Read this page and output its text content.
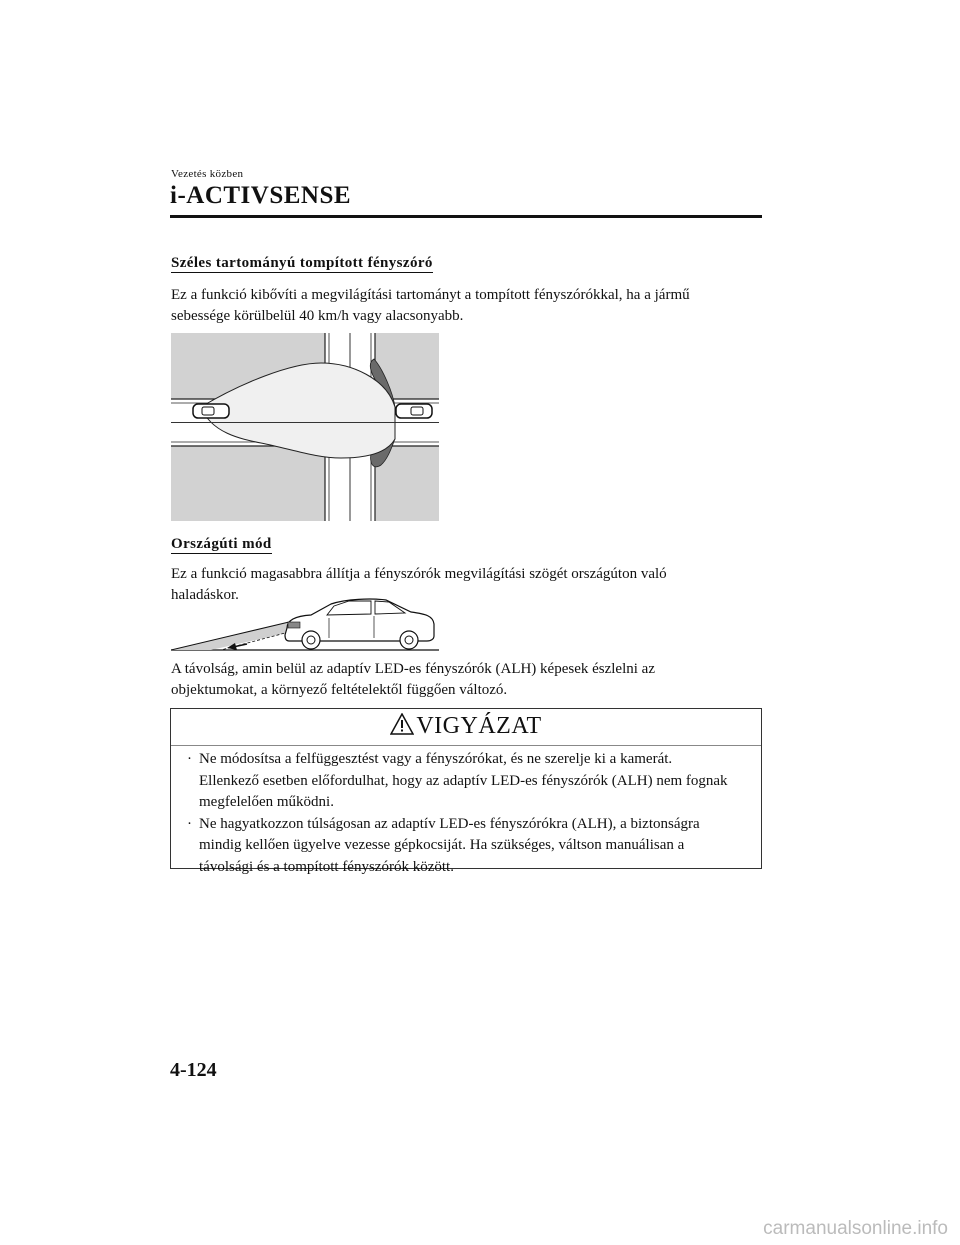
Vezetés közben
i-ACTIVSENSE
Széles tartományú tompított fényszóró
Ez a funkció kibővíti a megvilágítási tartományt a tompított fényszórókkal, ha a jármű
sebessége körülbelül 40 km/h vagy alacsonyabb.
Országúti mód
Ez a funkció magasabbra állítja a fényszórók megvilágítási szögét országúton való
haladáskor.
A távolság, amin belül az adaptív LED-es fényszórók (ALH) képesek észlelni az
objektumokat, a környező feltételektől függően változó.
VIGYÁZAT
· Ne módosítsa a felfüggesztést vagy a fényszórókat, és ne szerelje ki a kamerát.
Ellenkező esetben előfordulhat, hogy az adaptív LED-es fényszórók (ALH) nem fognak
megfelelően működni.
· Ne hagyatkozzon túlságosan az adaptív LED-es fényszórókra (ALH), a biztonságra
mindig kellően ügyelve vezesse gépkocsiját. Ha szükséges, váltson manuálisan a
távolsági és a tompított fényszórók között.
4-124
carmanualsonline.info
